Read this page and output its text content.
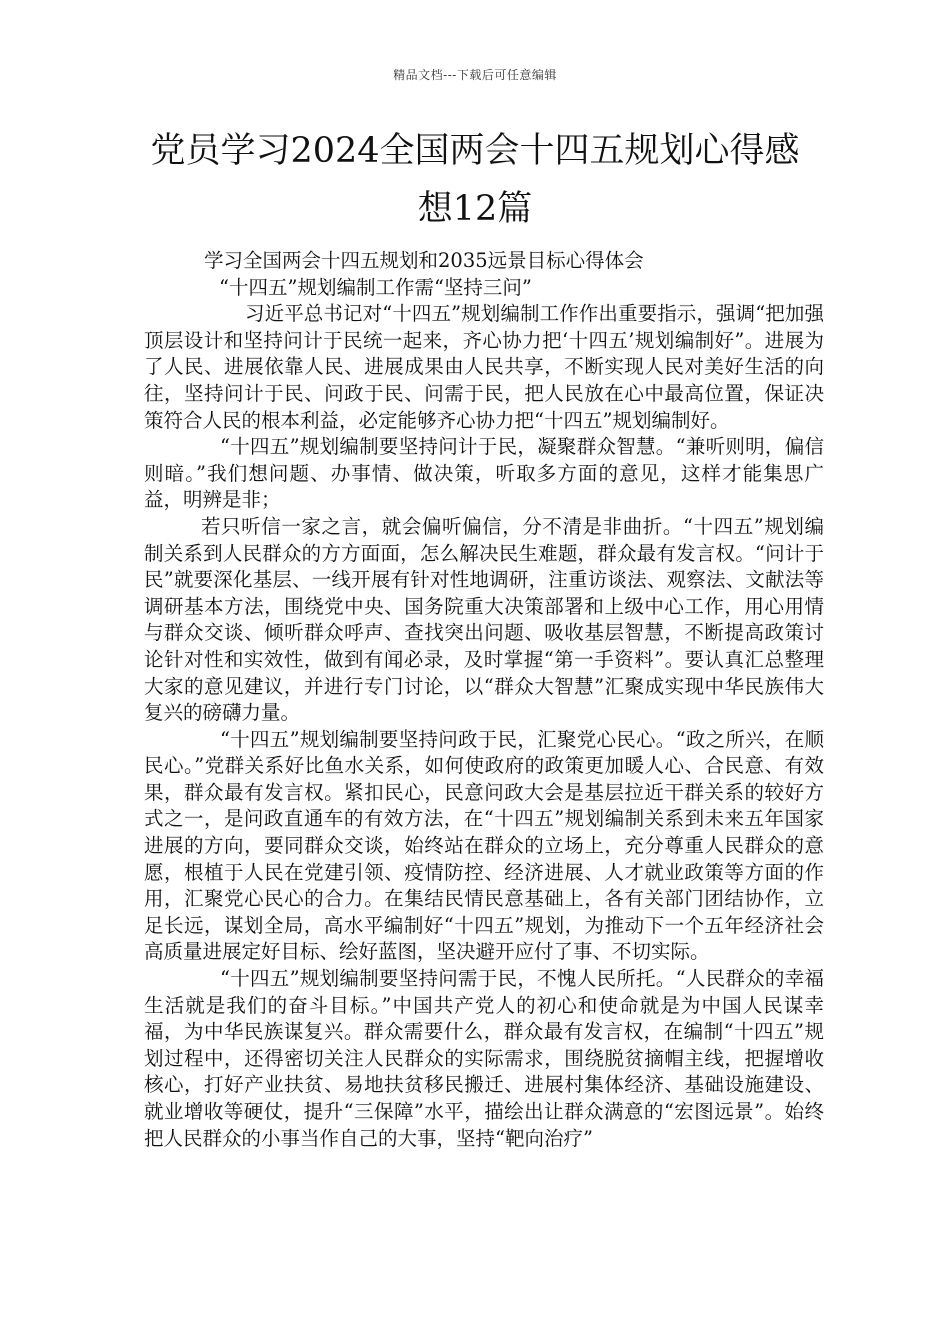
精品文档---下载后可任意编辑
党员学习2024全国两会十四五规划心得感
想12篇

学习全国两会十四五规划和2035远景目标心得体会

“十四五”规划编制工作需“坚持三问”

习近平总书记对“十四五”规划编制工作作出重要指示，强调“把加强顶层设计和坚持问计于民统一起来，齐心协力把‘十四五’规划编制好”。进展为了人民、进展依靠人民、进展成果由人民共享，不断实现人民对美好生活的向往，坚持问计于民、问政于民、问需于民，把人民放在心中最高位置，保证决策符合人民的根本利益，必定能够齐心协力把“十四五”规划编制好。

“十四五”规划编制要坚持问计于民，凝聚群众智慧。“兼听则明，偏信则暗。”我们想问题、办事情、做决策，听取多方面的意见，这样才能集思广益，明辨是非；

若只听信一家之言，就会偏听偏信，分不清是非曲折。“十四五”规划编制关系到人民群众的方方面面，怎么解决民生难题，群众最有发言权。“问计于民”就要深化基层、一线开展有针对性地调研，注重访谈法、观察法、文献法等调研基本方法，围绕党中央、国务院重大决策部署和上级中心工作，用心用情与群众交谈、倾听群众呼声、查找突出问题、吸收基层智慧，不断提高政策讨论针对性和实效性，做到有闻必录，及时掌握“第一手资料”。要认真汇总整理大家的意见建议，并进行专门讨论，以“群众大智慧”汇聚成实现中华民族伟大复兴的磅礴力量。

“十四五”规划编制要坚持问政于民，汇聚党心民心。“政之所兴，在顺民心。”党群关系好比鱼水关系，如何使政府的政策更加暖人心、合民意、有效果，群众最有发言权。紧扣民心，民意问政大会是基层拉近干群关系的较好方式之一，是问政直通车的有效方法，在“十四五”规划编制关系到未来五年国家进展的方向，要同群众交谈，始终站在群众的立场上，充分尊重人民群众的意愿，根植于人民在党建引领、疫情防控、经济进展、人才就业政策等方面的作用，汇聚党心民心的合力。在集结民情民意基础上，各有关部门团结协作，立足长远，谋划全局，高水平编制好“十四五”规划，为推动下一个五年经济社会高质量进展定好目标、绘好蓝图，坚决避开应付了事、不切实际。

“十四五”规划编制要坚持问需于民，不愧人民所托。“人民群众的幸福生活就是我们的奋斗目标。”中国共产党人的初心和使命就是为中国人民谋幸福，为中华民族谋复兴。群众需要什么，群众最有发言权，在编制“十四五”规划过程中，还得密切关注人民群众的实际需求，围绕脱贫摘帽主线，把握增收核心，打好产业扶贫、易地扶贫移民搬迁、进展村集体经济、基础设施建设、就业增收等硬仗，提升“三保障”水平，描绘出让群众满意的“宏图远景”。始终把人民群众的小事当作自己的大事，坚持“靶向治疗”
